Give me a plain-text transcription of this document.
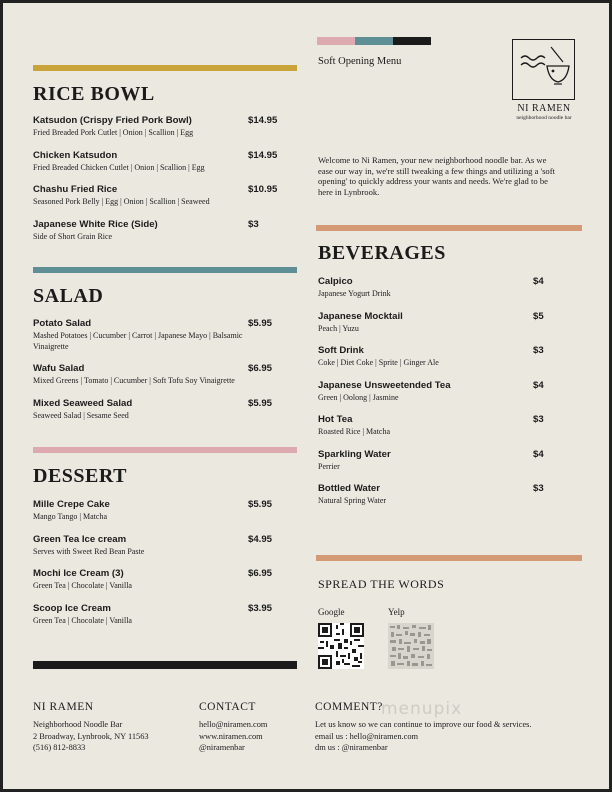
RICE BOWL
Katsudon (Crispy Fried Pork Bowl)	$14.95
Fried Breaded Pork Cutlet | Onion | Scallion | Egg
Chicken Katsudon	$14.95
Fried Breaded Chicken Cutlet | Onion | Scallion | Egg
Chashu Fried Rice	$10.95
Seasoned Pork Belly | Egg | Onion | Scallion | Seaweed
Japanese White Rice (Side)	$3
Side of Short Grain Rice
SALAD
Potato Salad	$5.95
Mashed Potatoes | Cucumber | Carrot | Japanese Mayo | Balsamic Vinaigrette
Wafu Salad	$6.95
Mixed Greens | Tomato | Cucumber | Soft Tofu Soy Vinaigrette
Mixed Seaweed Salad	$5.95
Seaweed Salad | Sesame Seed
DESSERT
Mille Crepe Cake	$5.95
Mango Tango | Matcha
Green Tea Ice cream	$4.95
Serves with Sweet Red Bean Paste
Mochi Ice Cream (3)	$6.95
Green Tea | Chocolate | Vanilla
Scoop Ice Cream	$3.95
Green Tea | Chocolate | Vanilla
Soft Opening Menu
NI RAMEN
neighborhood noodle bar
Welcome to Ni Ramen, your new neighborhood noodle bar. As we ease our way in, we're still tweaking a few things and utilizing a 'soft opening' to quickly address your wants and needs. We're glad to be here in Lynbrook.
BEVERAGES
Calpico	$4
Japanese Yogurt Drink
Japanese Mocktail	$5
Peach | Yuzu
Soft Drink	$3
Coke | Diet Coke | Sprite | Ginger Ale
Japanese Unsweetended Tea	$4
Green | Oolong | Jasmine
Hot Tea	$3
Roasted Rice | Matcha
Sparkling Water	$4
Perrier
Bottled Water	$3
Natural Spring Water
SPREAD THE WORDS
Google	Yelp
NI RAMEN
Neighborhood Noodle Bar
2 Broadway, Lynbrook, NY 11563
(516) 812-8833
CONTACT
hello@niramen.com
www.niramen.com
@niramenbar
menupix
COMMENT?
Let us know so we can continue to improve our food & services.
email us : hello@niramen.com
dm us : @niramenbar
